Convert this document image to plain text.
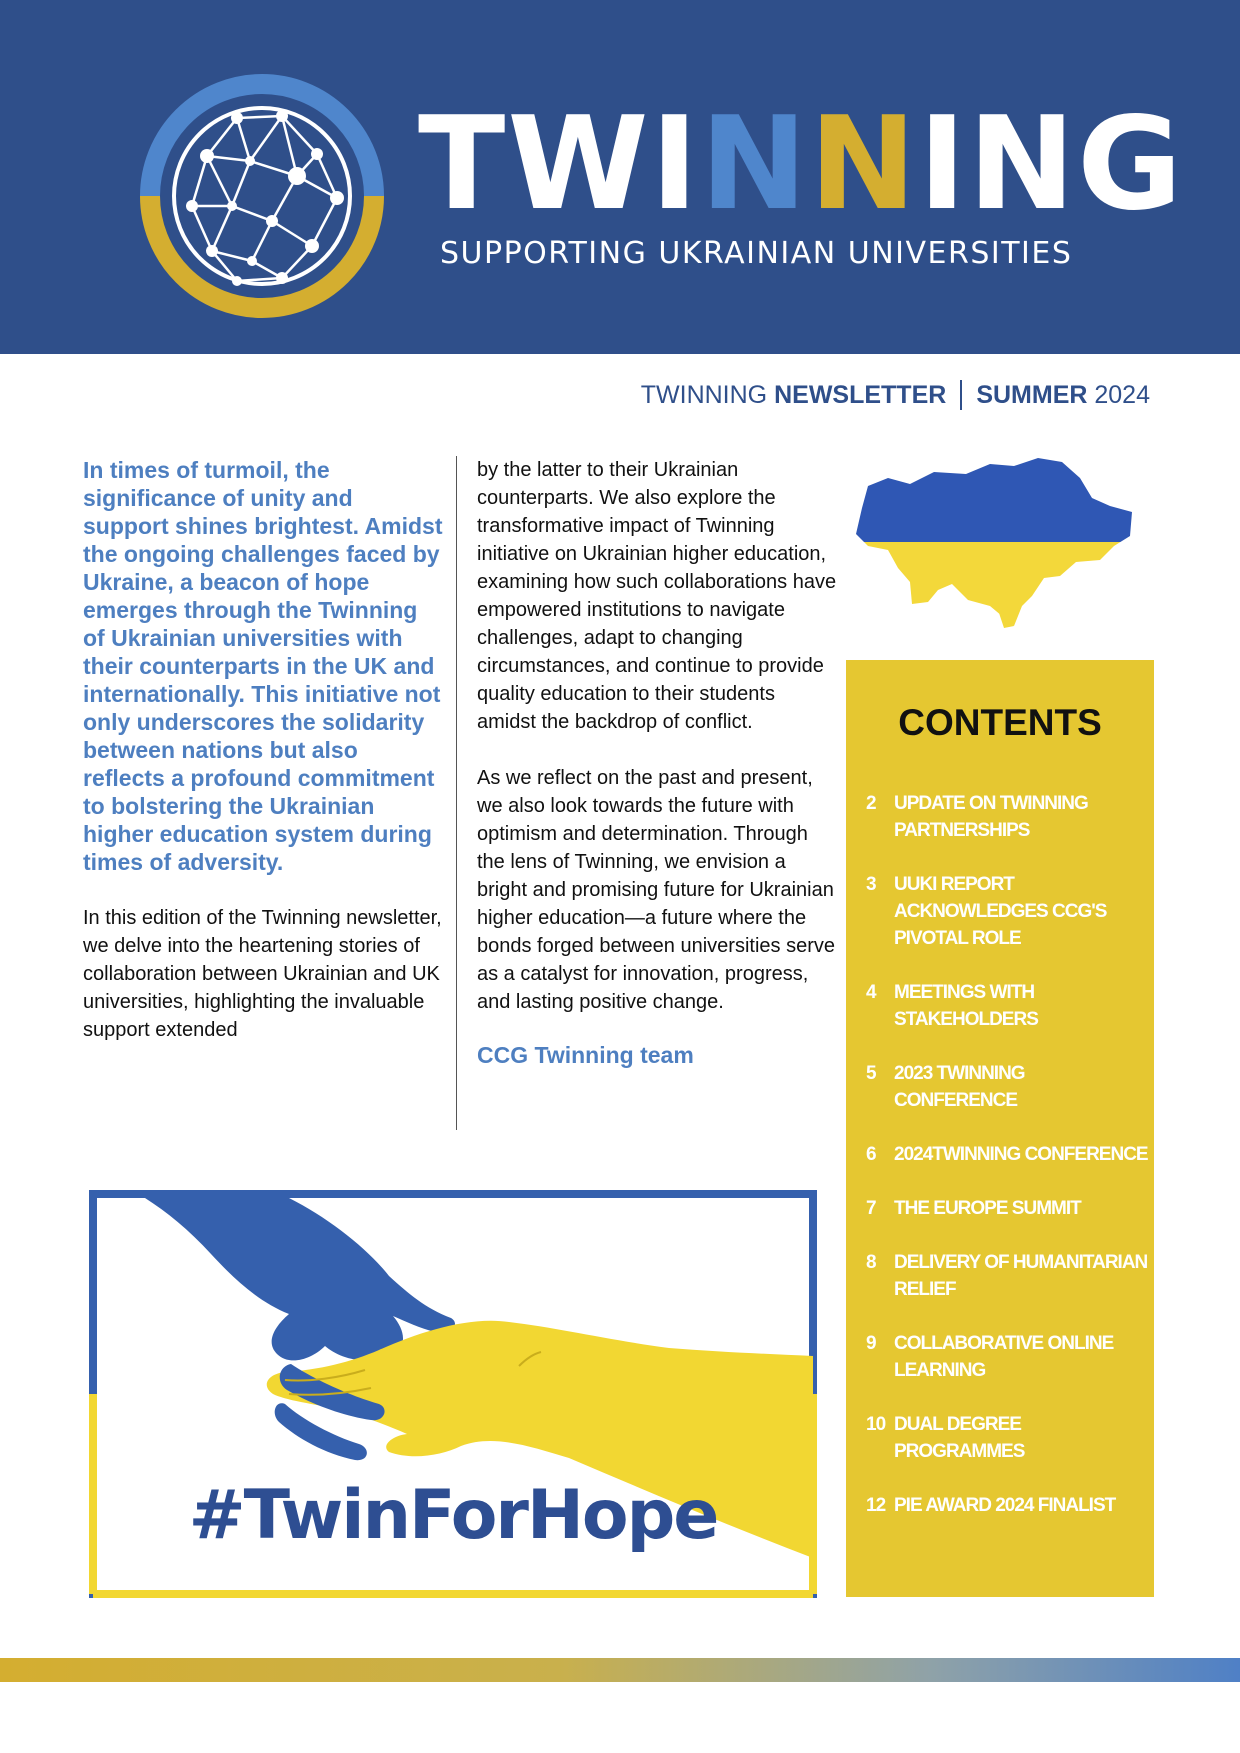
TWINNING
SUPPORTING UKRAINIAN UNIVERSITIES
TWINNING
NEWSLETTER SUMMER
2024

In times of turmoil, the significance of unity and support shines brightest. Amidst the ongoing challenges faced by Ukraine, a beacon of hope emerges through the Twinning of Ukrainian universities with their counterparts in the UK and internationally. This initiative not only underscores the solidarity between nations but also reflects a profound commitment to bolstering the Ukrainian higher education system during times of adversity.

In this edition of the Twinning newsletter, we delve into the heartening stories of collaboration between Ukrainian and UK universities, highlighting the invaluable support extended

by the latter to their Ukrainian counterparts. We also explore the transformative impact of Twinning initiative on Ukrainian higher education, examining how such collaborations have empowered institutions to navigate challenges, adapt to changing circumstances, and continue to provide quality education to their students amidst the backdrop of conflict.

As we reflect on the past and present, we also look towards the future with optimism and determination. Through the lens of Twinning, we envision a bright and promising future for Ukrainian higher education—a future where the bonds forged between universities serve as a catalyst for innovation, progress, and lasting positive change.

CCG Twinning team

CONTENTS
2 UPDATE ON TWINNING PARTNERSHIPS
3 UUKI REPORT ACKNOWLEDGES CCG'S PIVOTAL ROLE
4 MEETINGS WITH STAKEHOLDERS
5 2023 TWINNING CONFERENCE
6 2024TWINNING CONFERENCE
7 THE EUROPE SUMMIT
8 DELIVERY OF HUMANITARIAN RELIEF
9 COLLABORATIVE ONLINE LEARNING
10 DUAL DEGREE PROGRAMMES
12 PIE AWARD 2024 FINALIST
#TwinForHope
